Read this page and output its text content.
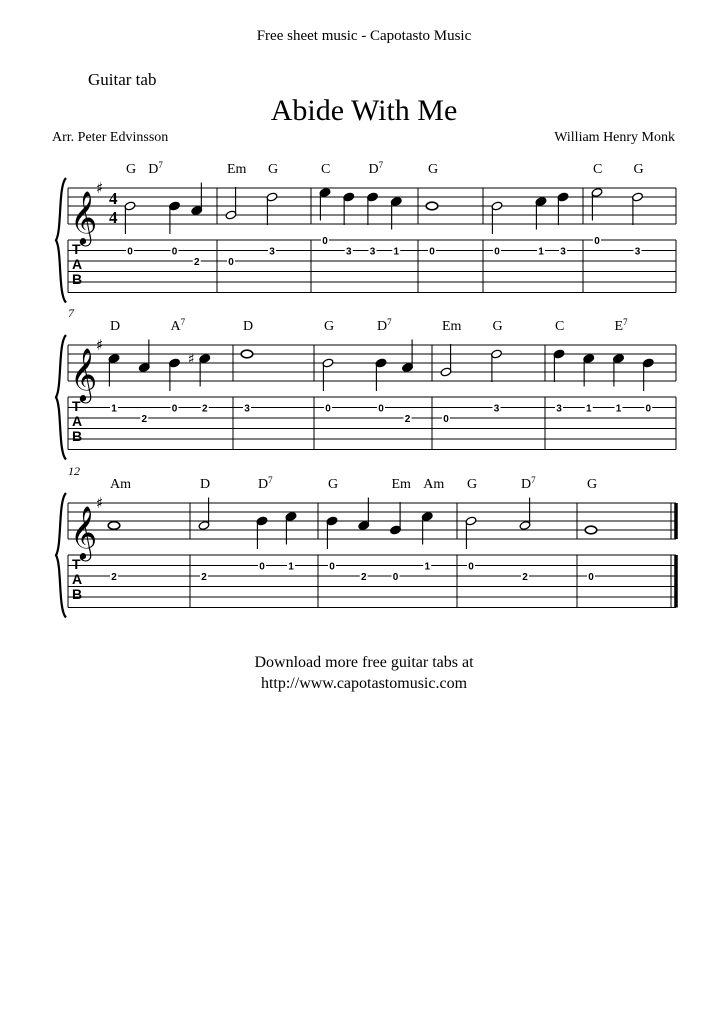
Free sheet music - Capotasto Music
Guitar tab
Abide With Me
Arr. Peter Edvinsson	William Henry Monk
𝄞
♯
4
4
T
A
B
G $D^7$
0	0
2
Em G
0
3
C	$D^7$
0
3 3 1
G
0	0	1 3
C G
0
3
𝄞
♯
T
A
B
7
D	$A^7$
1
2
0
♯
2
D
3
G	$D^7$
0	0
2
Em G
0
3
C	$E^7$
3 1 1 0
𝄞
♯
T
A
B
12
Am
2
D	$D^7$
2
0 1
G	Em Am
0
2	0
1
G	$D^7$
0
2
G
0
Download more free guitar tabs at
http://www.capotastomusic.com
